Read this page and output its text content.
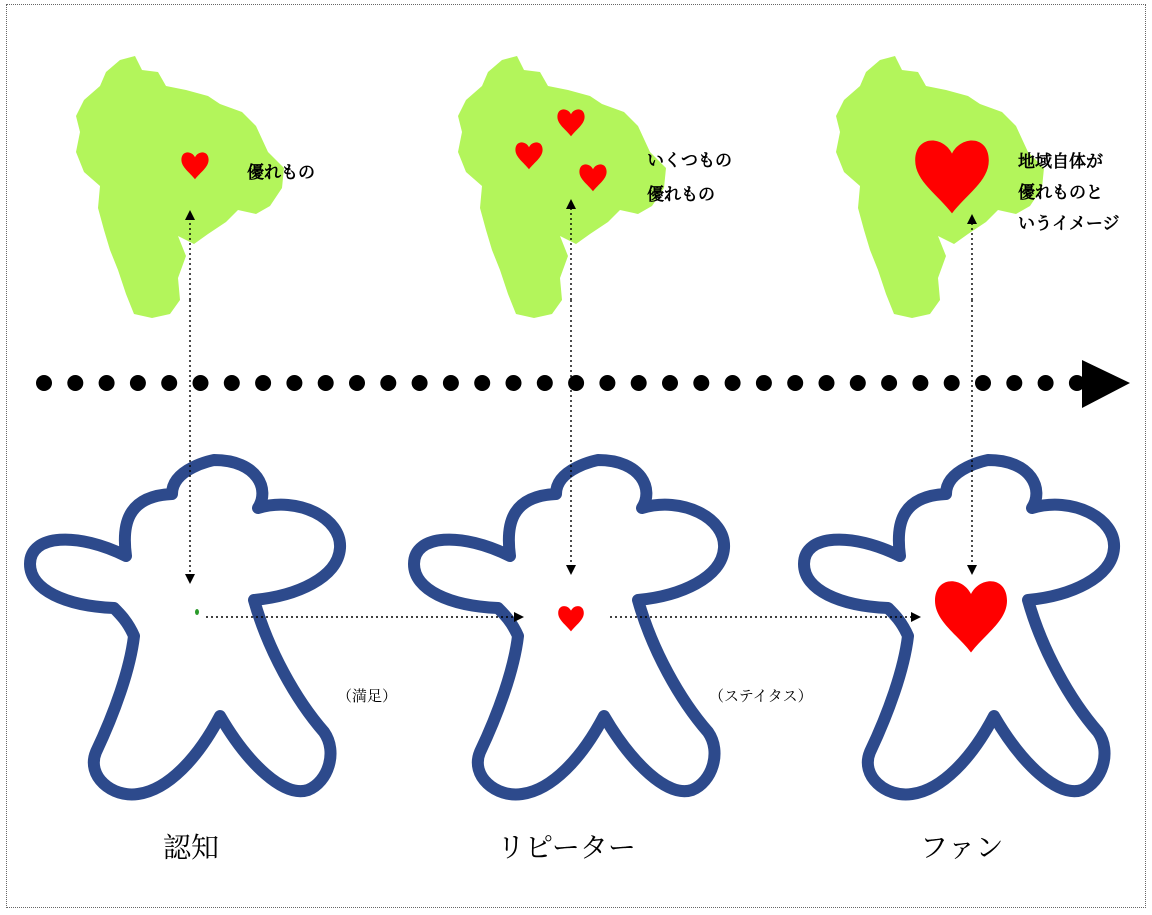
優れもの
いくつもの
優れもの
地域自体が
優れものと
いうイメージ
（満足）	（ステイタス）
認知	リピーター	ファン
